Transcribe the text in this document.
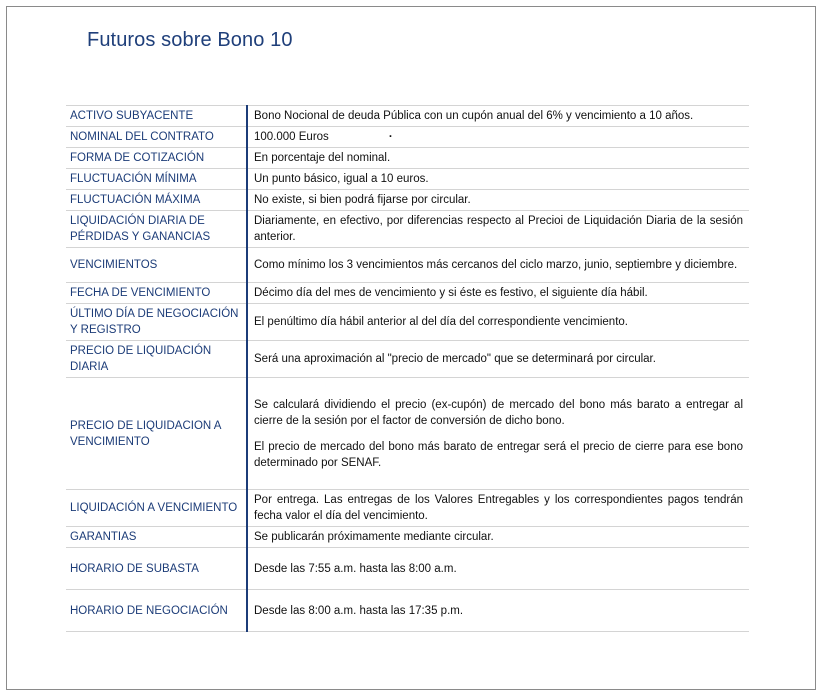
Futuros sobre Bono 10
ACTIVO SUBYACENTE	Bono Nocional de deuda Pública con un cupón anual del 6% y vencimiento a 10 años.

NOMINAL DEL CONTRATO	100.000 Euros ·

FORMA DE COTIZACIÓN	En porcentaje del nominal.

FLUCTUACIÓN MÍNIMA	Un punto básico, igual a 10 euros.

FLUCTUACIÓN MÁXIMA	No existe, si bien podrá fijarse por circular.

LIQUIDACIÓN DIARIA DE PÉRDIDAS Y GANANCIAS	Diariamente, en efectivo, por diferencias respecto al Precioi de Liquidación Diaria de la sesión anterior.

VENCIMIENTOS	Como mínimo los 3 vencimientos más cercanos del ciclo marzo, junio, septiembre y diciembre.

FECHA DE VENCIMIENTO	Décimo día del mes de vencimiento y si éste es festivo, el siguiente día hábil.

ÚLTIMO DÍA DE NEGOCIACIÓN Y REGISTRO	El penúltimo día hábil anterior al del día del correspondiente vencimiento.

PRECIO DE LIQUIDACIÓN DIARIA	Será una aproximación al "precio de mercado" que se determinará por circular.

PRECIO DE LIQUIDACION A VENCIMIENTO	Se calculará dividiendo el precio (ex-cupón) de mercado del bono más barato a entregar al cierre de la sesión por el factor de conversión de dicho bono.

El precio de mercado del bono más barato de entregar será el precio de cierre para ese bono determinado por SENAF.

LIQUIDACIÓN A VENCIMIENTO	Por entrega. Las entregas de los Valores Entregables y los correspondientes pagos tendrán fecha valor el día del vencimiento.

GARANTIAS	Se publicarán próximamente mediante circular.

HORARIO DE SUBASTA	Desde las 7:55 a.m. hasta las 8:00 a.m.

HORARIO DE NEGOCIACIÓN	Desde las 8:00 a.m. hasta las 17:35 p.m.
